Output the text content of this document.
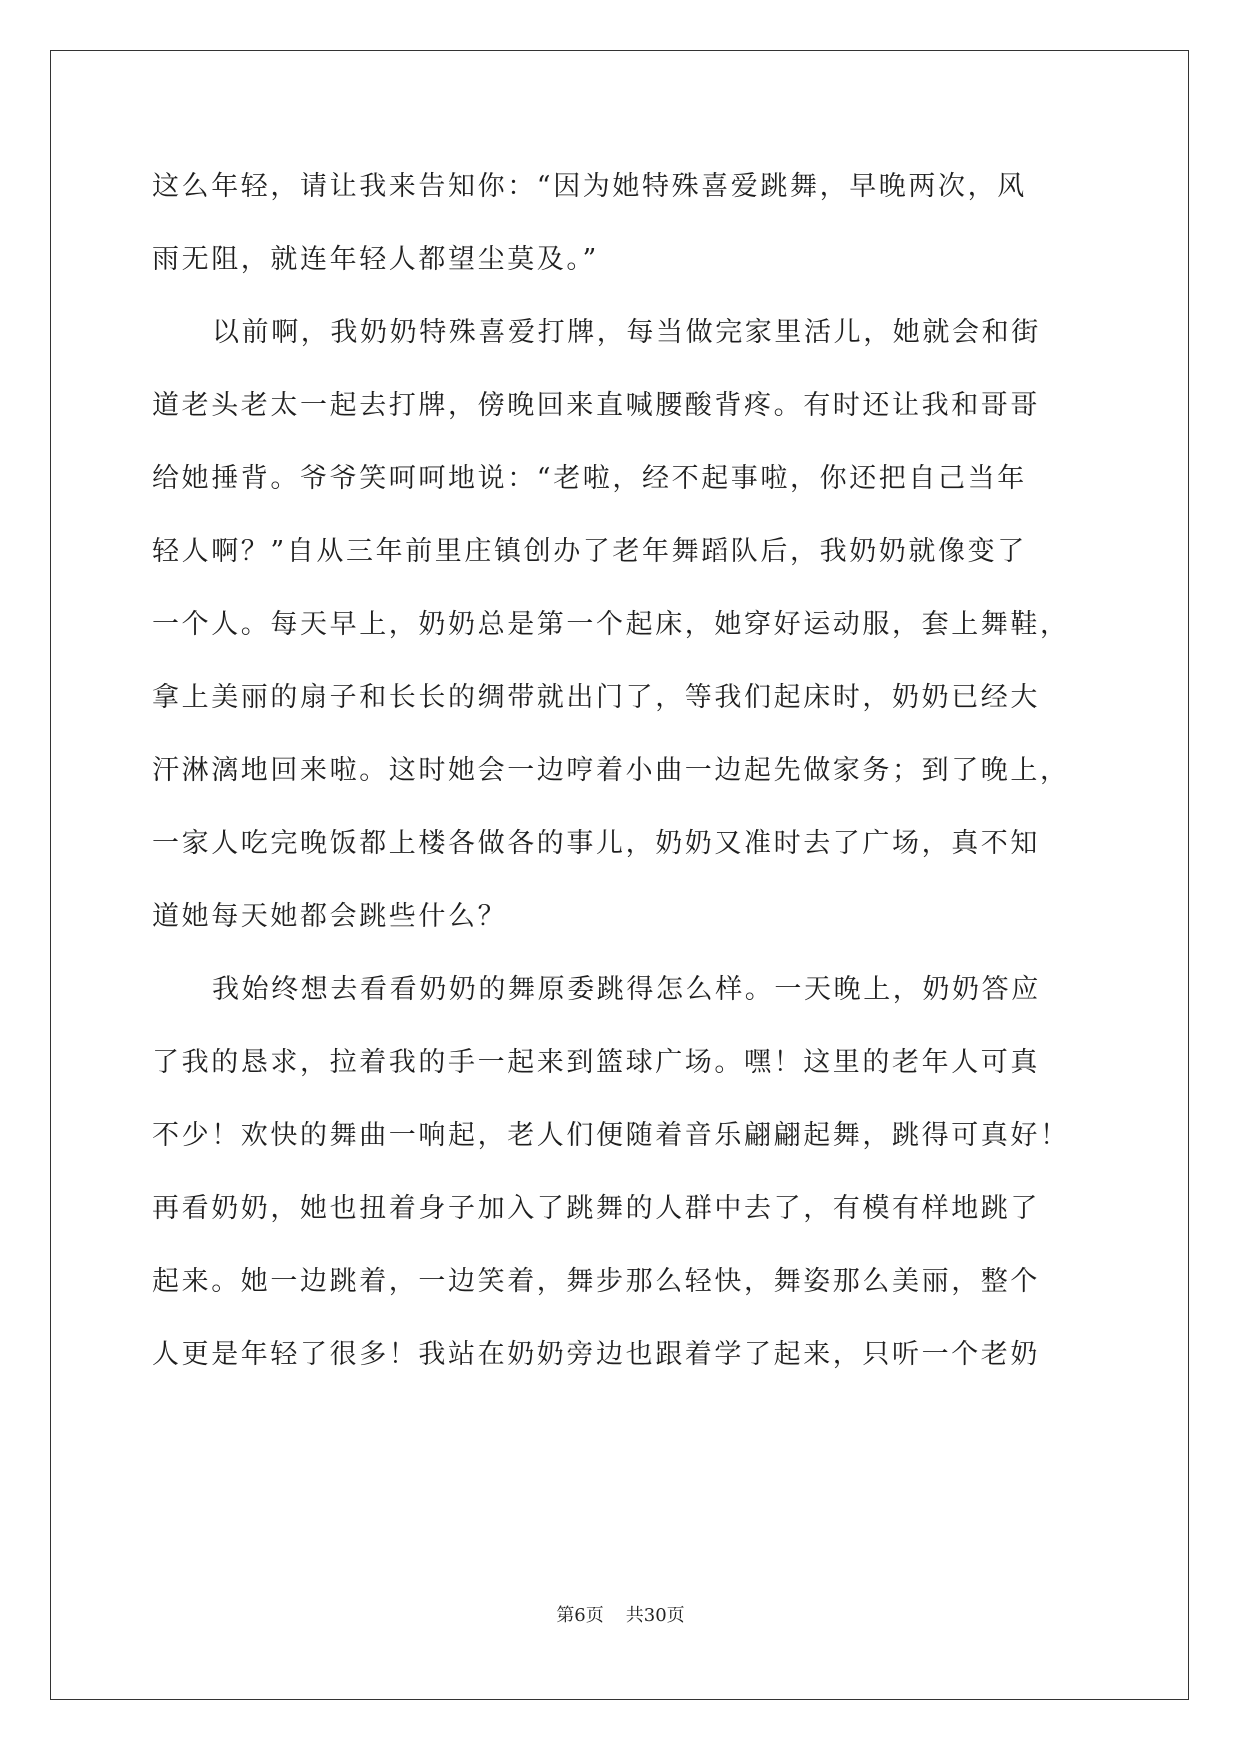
这么年轻，请让我来告知你：“因为她特殊喜爱跳舞，早晚两次，风
雨无阻，就连年轻人都望尘莫及。”
以前啊，我奶奶特殊喜爱打牌，每当做完家里活儿，她就会和街
道老头老太一起去打牌，傍晚回来直喊腰酸背疼。有时还让我和哥哥
给她捶背。爷爷笑呵呵地说：“老啦，经不起事啦，你还把自己当年
轻人啊？”自从三年前里庄镇创办了老年舞蹈队后，我奶奶就像变了
一个人。每天早上，奶奶总是第一个起床，她穿好运动服，套上舞鞋，
拿上美丽的扇子和长长的绸带就出门了，等我们起床时，奶奶已经大
汗淋漓地回来啦。这时她会一边哼着小曲一边起先做家务；到了晚上，
一家人吃完晚饭都上楼各做各的事儿，奶奶又准时去了广场，真不知
道她每天她都会跳些什么？
我始终想去看看奶奶的舞原委跳得怎么样。一天晚上，奶奶答应
了我的恳求，拉着我的手一起来到篮球广场。嘿！这里的老年人可真
不少！欢快的舞曲一响起，老人们便随着音乐翩翩起舞，跳得可真好！
再看奶奶，她也扭着身子加入了跳舞的人群中去了，有模有样地跳了
起来。她一边跳着，一边笑着，舞步那么轻快，舞姿那么美丽，整个
人更是年轻了很多！我站在奶奶旁边也跟着学了起来，只听一个老奶
第6页 共30页
